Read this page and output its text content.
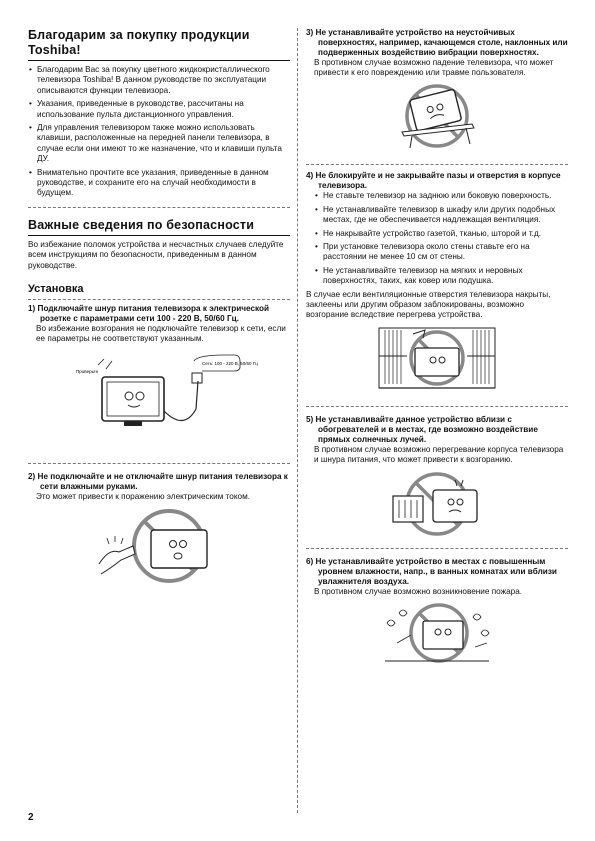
Благодарим за покупку продукции Toshiba!
• Благодарим Вас за покупку цветного жидкокристаллического телевизора Toshiba! В данном руководстве по эксплуатации описываются функции телевизора.
• Указания, приведенные в руководстве, рассчитаны на использование пульта дистанционного управления.
• Для управления телевизором также можно использовать клавиши, расположенные на передней панели телевизора, в случае если они имеют то же назначение, что и клавиши пульта ДУ.
• Внимательно прочтите все указания, приведенные в данном руководстве, и сохраните его на случай необходимости в будущем.
Важные сведения по безопасности

Во избежание поломок устройства и несчастных случаев следуйте всем инструкциям по безопасности, приведенным в данном руководстве.

Установка

1) Подключайте шнур питания телевизора к электрической розетке с параметрами сети 100 - 220 В, 50/60 Гц.

Во избежание возгорания не подключайте телевизор к сети, если ее параметры не соответствуют указанным.

Сеть: 100 - 220 В, 50/60 Гц
Проверьте

2) Не подключайте и не отключайте шнур питания телевизора к сети влажными руками.

Это может привести к поражению электрическим током.

3) Не устанавливайте устройство на неустойчивых поверхностях, например, качающемся столе, наклонных или подверженных воздействию вибрации поверхностях.

В противном случае возможно падение телевизора, что может привести к его повреждению или травме пользователя.

4) Не блокируйте и не закрывайте пазы и отверстия в корпусе телевизора.

• Не ставьте телевизор на заднюю или боковую поверхность.
• Не устанавливайте телевизор в шкафу или других подобных местах, где не обеспечивается надлежащая вентиляция.
• Не накрывайте устройство газетой, тканью, шторой и т.д.
• При установке телевизора около стены ставьте его на расстоянии не менее 10 см от стены.
• Не устанавливайте телевизор на мягких и неровных поверхностях, таких, как ковер или подушка.

В случае если вентиляционные отверстия телевизора накрыты, заклеены или другим образом заблокированы, возможно возгорание вследствие перегрева устройства.

5) Не устанавливайте данное устройство вблизи с обогревателей и в местах, где возможно воздействие прямых солнечных лучей.

В противном случае возможно перегревание корпуса телевизора и шнура питания, что может привести к возгоранию.

6) Не устанавливайте устройство в местах с повышенным уровнем влажности, напр., в ванных комнатах или вблизи увлажнителя воздуха.

В противном случае возможно возникновение пожара.

2
